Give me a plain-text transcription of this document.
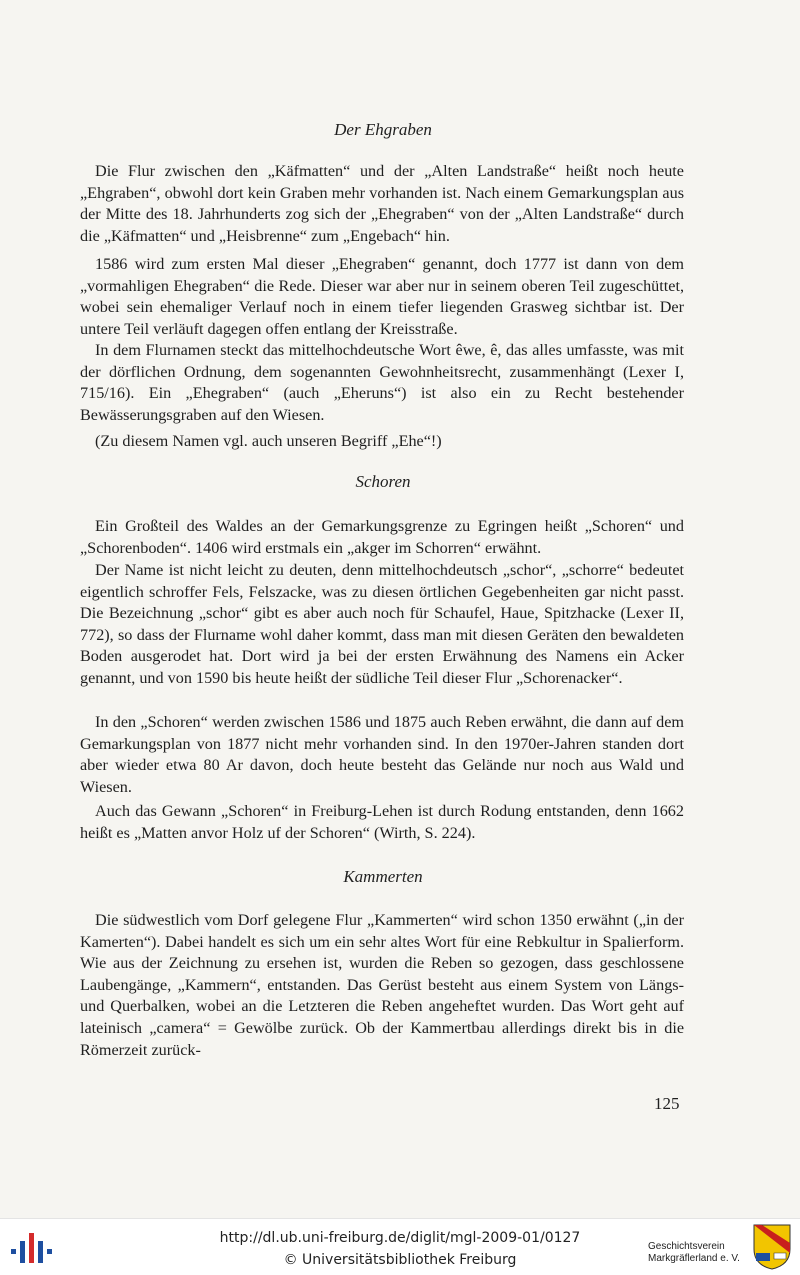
Der Ehgraben

Die Flur zwischen den „Käfmatten“ und der „Alten Landstraße“ heißt noch heute „Ehgraben“, obwohl dort kein Graben mehr vorhanden ist. Nach einem Gemarkungsplan aus der Mitte des 18. Jahrhunderts zog sich der „Ehegraben“ von der „Alten Landstraße“ durch die „Käfmatten“ und „Heisbrenne“ zum „Engebach“ hin.

1586 wird zum ersten Mal dieser „Ehegraben“ genannt, doch 1777 ist dann von dem „vormahligen Ehegraben“ die Rede. Dieser war aber nur in seinem oberen Teil zugeschüttet, wobei sein ehemaliger Verlauf noch in einem tiefer liegenden Grasweg sichtbar ist. Der untere Teil verläuft dagegen offen entlang der Kreisstraße.

In dem Flurnamen steckt das mittelhochdeutsche Wort êwe, ê, das alles umfasste, was mit der dörflichen Ordnung, dem sogenannten Gewohnheitsrecht, zusammenhängt (Lexer I, 715/16). Ein „Ehegraben“ (auch „Eheruns“) ist also ein zu Recht bestehender Bewässerungsgraben auf den Wiesen.

(Zu diesem Namen vgl. auch unseren Begriff „Ehe“!)

Schoren

Ein Großteil des Waldes an der Gemarkungsgrenze zu Egringen heißt „Schoren“ und „Schorenboden“. 1406 wird erstmals ein „akger im Schorren“ erwähnt.

Der Name ist nicht leicht zu deuten, denn mittelhochdeutsch „schor“, „schorre“ bedeutet eigentlich schroffer Fels, Felszacke, was zu diesen örtlichen Gegebenheiten gar nicht passt. Die Bezeichnung „schor“ gibt es aber auch noch für Schaufel, Haue, Spitzhacke (Lexer II, 772), so dass der Flurname wohl daher kommt, dass man mit diesen Geräten den bewaldeten Boden ausgerodet hat. Dort wird ja bei der ersten Erwähnung des Namens ein Acker genannt, und von 1590 bis heute heißt der südliche Teil dieser Flur „Schorenacker“.

In den „Schoren“ werden zwischen 1586 und 1875 auch Reben erwähnt, die dann auf dem Gemarkungsplan von 1877 nicht mehr vorhanden sind. In den 1970er-Jahren standen dort aber wieder etwa 80 Ar davon, doch heute besteht das Gelände nur noch aus Wald und Wiesen.

Auch das Gewann „Schoren“ in Freiburg-Lehen ist durch Rodung entstanden, denn 1662 heißt es „Matten anvor Holz uf der Schoren“ (Wirth, S. 224).

Kammerten

Die südwestlich vom Dorf gelegene Flur „Kammerten“ wird schon 1350 erwähnt („in der Kamerten“). Dabei handelt es sich um ein sehr altes Wort für eine Rebkultur in Spalierform. Wie aus der Zeichnung zu ersehen ist, wurden die Reben so gezogen, dass geschlossene Laubengänge, „Kammern“, entstanden. Das Gerüst besteht aus einem System von Längs- und Querbalken, wobei an die Letzteren die Reben angeheftet wurden. Das Wort geht auf lateinisch „camera“ = Gewölbe zurück. Ob der Kammertbau allerdings direkt bis in die Römerzeit zurück-

125
http://dl.ub.uni-freiburg.de/diglit/mgl-2009-01/0127
© Universitätsbibliothek Freiburg
Geschichtsverein
Markgräflerland e. V.
